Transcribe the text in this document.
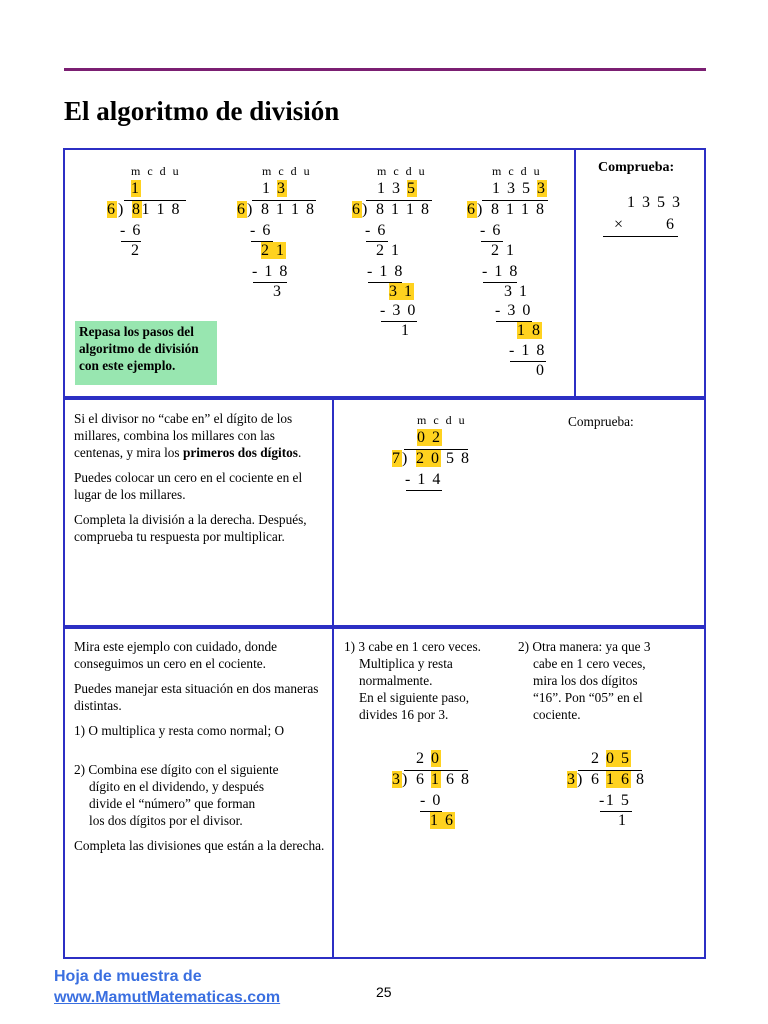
El algoritmo de división
m c d u
1
6 ) 81 1 8
- 6
2
m c d u
1 3
6 ) 8 1 1 8
- 6
2 1
- 1 8
3
m c d u
1 3 5
6 ) 8 1 1 8
- 6
2 1
- 1 8
3 1
- 3 0
1
m c d u
1 3 5 3
6 ) 8 1 1 8
- 6
2 1
- 1 8
3 1
- 3 0
1 8
- 1 8
0
Repasa los pasos del algoritmo de división con este ejemplo.
Comprueba:
1 3 5 3
×	6

Si el divisor no “cabe en” el dígito de los millares, combina los millares con las centenas, y mira los primeros dos dígitos.

Puedes colocar un cero en el cociente en el lugar de los millares.

Completa la división a la derecha. Después, comprueba tu respuesta por multiplicar.

m c d u
0 2
7 ) 2 0 5 8
- 1 4
Comprueba:

Mira este ejemplo con cuidado, donde conseguimos un cero en el cociente.

Puedes manejar esta situación en dos maneras distintas.

1) O multiplica y resta como normal; O

2) Combina ese dígito con el siguiente
dígito en el dividendo, y después
divide el “número” que forman
los dos dígitos por el divisor.

Completa las divisiones que están a la derecha.

1) 3 cabe en 1 cero veces.
Multiplica y resta
normalmente.
En el siguiente paso,
divides 16 por 3.
2) Otra manera: ya que 3
cabe en 1 cero veces,
mira los dos dígitos
“16”. Pon “05” en el
cociente.
2 0
3 ) 6 1 6 8
- 0
1 6
2 0 5
3 ) 6 1 6 8
-1 5
1
Hoja de muestra de
www.MamutMatematicas.com	25
